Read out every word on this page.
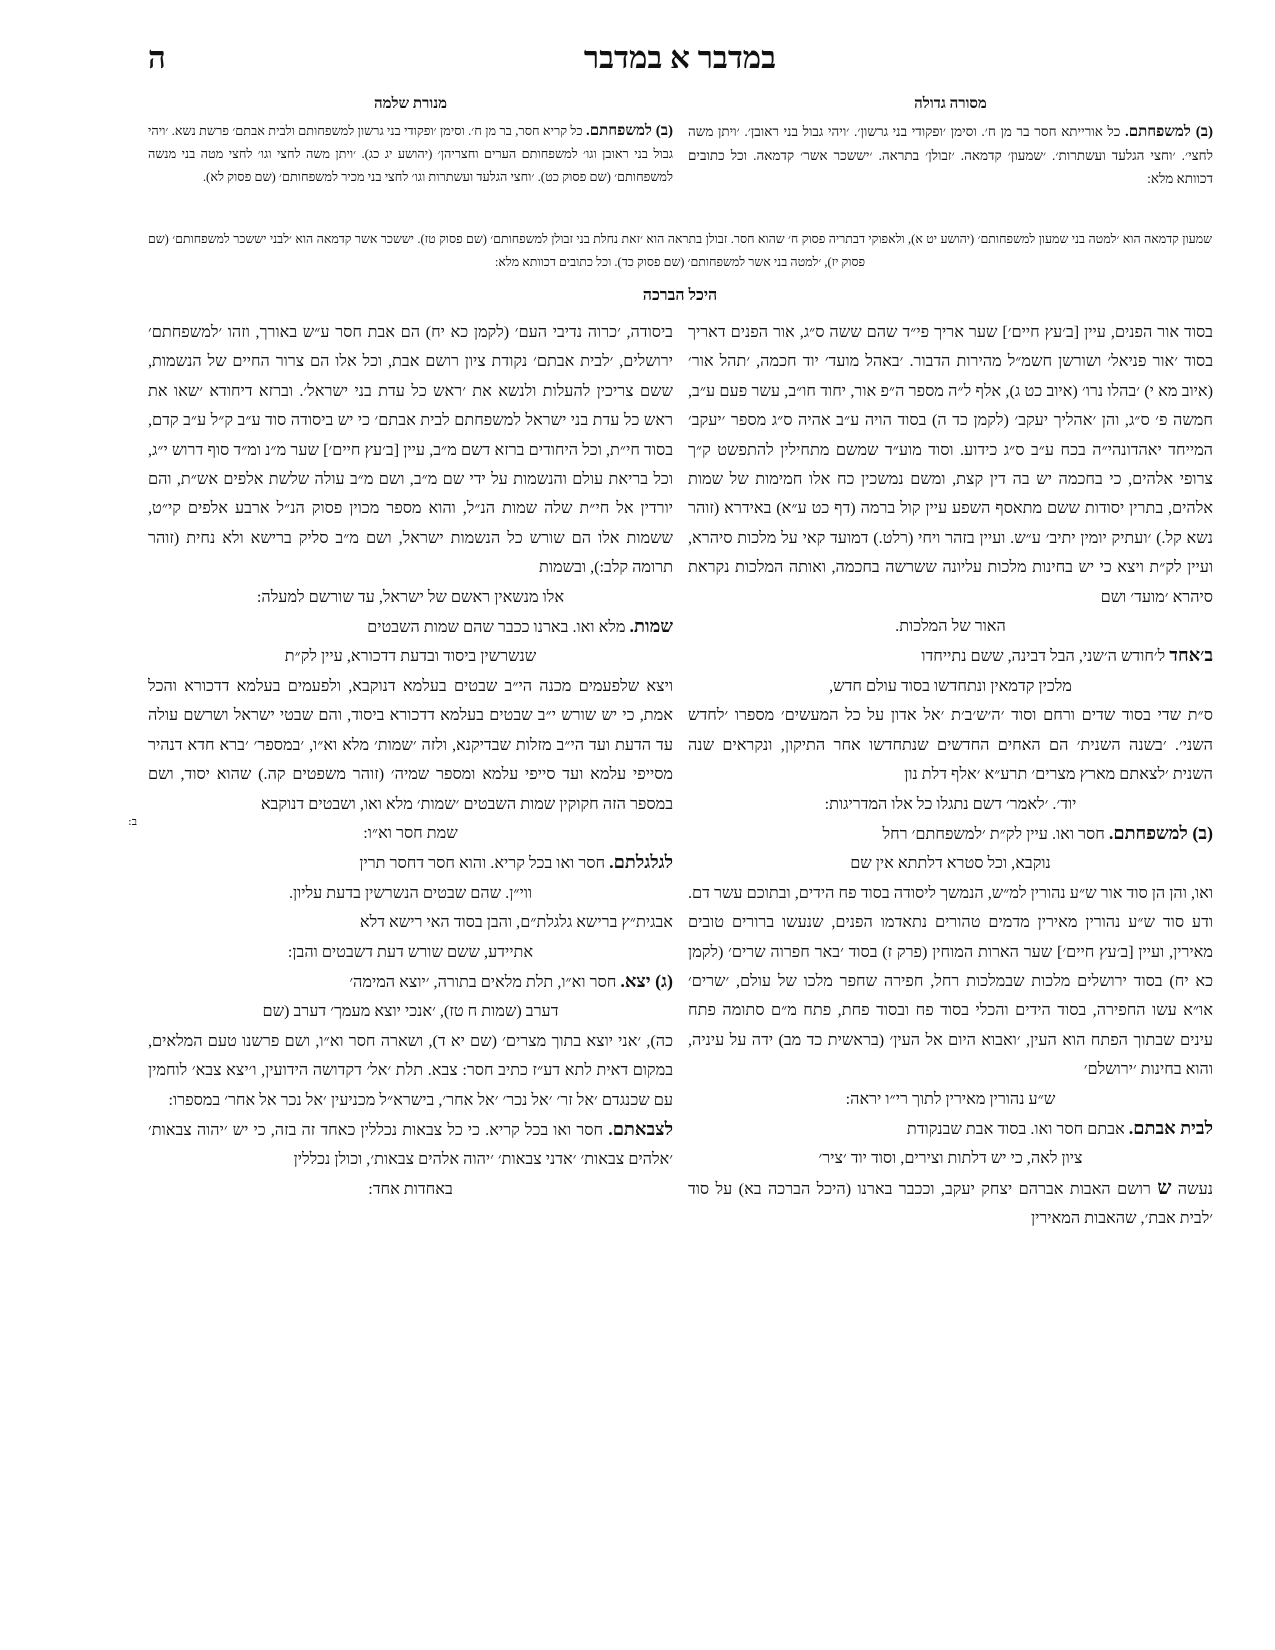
במדבר א במדבר
ה
מסורה גדולה
מנורת שלמה
(ב) למשפחתם. כל אורייתא חסר בר מן ח׳. וסימן ׳ופקודי בני גרשון׳. ׳ויהי גבול בני ראובן׳. ׳ויתן משה לחצי׳. ׳וחצי הגלעד ועשתרות׳. ׳שמעון׳ קדמאה. ׳זבולן׳ בתראה. ׳יששכר אשר׳ קדמאה. וכל כתובים דכוותא מלא:
(ב) למשפחתם. כל קריא חסר, בר מן ח׳. וסימן ׳ופקודי בני גרשון למשפחותם ולבית אבתם׳ פרשת נשא. ׳ויהי גבול בני ראובן וגו׳ למשפחותם הערים וחצריהן׳ (יהושע יג כג). ׳ויתן משה לחצי וגו׳ לחצי מטה בני מנשה למשפחותם׳ (שם פסוק כט). ׳וחצי הגלעד ועשתרות וגו׳ לחצי בני מכיר למשפחותם׳ (שם פסוק לא).
שמעון קדמאה הוא ׳למטה בני שמעון למשפחותם׳ (יהושע יט א), ולאפוקי דבתריה פסוק ח׳ שהוא חסר. זבולן בתראה הוא ׳זאת נחלת בני זבולן למשפחותם׳ (שם פסוק טז). יששכר אשר קדמאה הוא ׳לבני יששכר למשפחותם׳ (שם פסוק יז), ׳למטה בני אשר למשפחותם׳ (שם פסוק כד). וכל כתובים דכוותא מלא:
היכל הברכה

בסוד אור הפנים, עיין [ב׳עץ חיים׳] שער אריך פי״ד שהם ששה ס״ג, אור הפנים דאריך בסוד ׳אור פניאל׳ ושורשן חשמ״ל מהירות הדבור. ׳באהל מועד׳ יוד חכמה, ׳תהל אור׳ (איוב מא י) ׳בהלו נרו׳ (איוב כט ג), אלף ל״ה מספר ה״פ אור, יחוד חו״ב, עשר פעם ע״ב, חמשה פ׳ ס״ג, והן ׳אהליך יעקב׳ (לקמן כד ה) בסוד הויה ע״ב אהיה ס״ג מספר ׳יעקב׳ המייחד יאהדונהי״ה בכח ע״ב ס״ג כידוע. וסוד מוע״ד שמשם מתחילין להתפשט ק״ך צרופי אלהים, כי בחכמה יש בה דין קצת, ומשם נמשכין כח אלו חמימות של שמות אלהים, בתרין יסודות ששם מתאסף השפע עיין קול ברמה (דף כט ע״א) באידרא (זוהר נשא קל.) ׳ועתיק יומין יתיב׳ ע״ש. ועיין בזהר ויחי (רלט.) דמועד קאי על מלכות סיהרא, ועיין לק״ת ויצא כי יש בחינות מלכות עליונה ששרשה בחכמה, ואותה המלכות נקראת סיהרא ׳מועד׳ ושם

האור של המלכות.

ב׳אחד ל׳חודש ה׳שני, הבל דבינה, ששם נתייחדו

מלכין קדמאין ונתחדשו בסוד עולם חדש,

ס״ת שדי בסוד שדים ורחם וסוד ׳ה׳ש׳ב׳ת ׳אל אדון על כל המעשים׳ מספרו ׳לחדש השני׳. ׳בשנה השנית׳ הם האחים החדשים שנתחדשו אחר התיקון, ונקראים שנה השנית ׳לצאתם מארץ מצרים׳ תרע״א ׳אלף דלת נון

יוד׳. ׳לאמר׳ דשם נתגלו כל אלו המדריגות:

(ב) למשפחתם. חסר ואו. עיין לק״ת ׳למשפחתם׳ רחל

נוקבא, וכל סטרא דלתתא אין שם

ואו, והן הן סוד אור ש״ע נהורין למ״ש, הנמשך ליסודה בסוד פח הידים, ובתוכם עשר דם. ודע סוד ש״ע נהורין מאירין מדמים טהורים נתאדמו הפנים, שנעשו ברורים טובים מאירין, ועיין [ב׳עץ חיים׳] שער הארות המוחין (פרק ז) בסוד ׳באר חפרוה שרים׳ (לקמן כא יח) בסוד ירושלים מלכות שבמלכות רחל, חפירה שחפר מלכו של עולם, ׳שרים׳ או״א עשו החפירה, בסוד הידים והכלי בסוד פח ובסוד פחת, פתח מ״ם סתומה פתח עינים שבתוך הפתח הוא העין, ׳ואבוא היום אל העין׳ (בראשית כד מב) ידה על עיניה, והוא בחינות ׳ירושלם׳

ש״ע נהורין מאירין לתוך רי״ו יראה:

לבית אבתם. אבתם חסר ואו. בסוד אבת שבנקודת

ציון לאה, כי יש דלתות וצירים, וסוד יוד ׳ציר׳

נעשה ש רושם האבות אברהם יצחק יעקב, וככבר בארנו (היכל הברכה בא) על סוד ׳לבית אבת׳, שהאבות המאירין

ביסודה, ׳כרוה נדיבי העם׳ (לקמן כא יח) הם אבת חסר ע״ש באורך, וזהו ׳למשפחתם׳ ירושלים, ׳לבית אבתם׳ נקודת ציון רושם אבת, וכל אלו הם צרור החיים של הנשמות, ששם צריכין להעלות ולנשא את ׳ראש כל עדת בני ישראל׳. וברזא דיחודא ׳שאו את ראש כל עדת בני ישראל למשפחתם לבית אבתם׳ כי יש ביסודה סוד ע״ב ק״ל ע״ב קדם, בסוד חי״ת, וכל היחודים ברזא דשם מ״ב, עיין [ב׳עץ חיים׳] שער מ״נ ומ״ד סוף דרוש י״ג, וכל בריאת עולם והנשמות על ידי שם מ״ב, ושם מ״ב עולה שלשת אלפים אש״ת, והם יורדין אל חי״ת שלה שמות הנ״ל, והוא מספר מכוין פסוק הנ״ל ארבע אלפים קי״ט, ששמות אלו הם שורש כל הנשמות ישראל, ושם מ״ב סליק ברישא ולא נחית (זוהר תרומה קלב:), ובשמות

אלו מנשאין ראשם של ישראל, עד שורשם למעלה:

שמות. מלא ואו. בארנו ככבר שהם שמות השבטים

שנשרשין ביסוד ובדעת דדכורא, עיין לק״ת

ויצא שלפעמים מכנה הי״ב שבטים בעלמא דנוקבא, ולפעמים בעלמא דדכורא והכל אמת, כי יש שורש י״ב שבטים בעלמא דדכורא ביסוד, והם שבטי ישראל ושרשם עולה עד הדעת ועד הי״ב מזלות שבדיקנא, ולזה ׳שמות׳ מלא וא״ו, ׳במספר׳ ׳ברא חדא דנהיר מסייפי עלמא ועד סייפי עלמא ומספר שמיה׳ (זוהר משפטים קה.) שהוא יסוד, ושם במספר הזה חקוקין שמות השבטים ׳שמות׳ מלא ואו, ושבטים דנוקבא

שמת חסר וא״ו:

לגלגלתם. חסר ואו בכל קריא. והוא חסר דחסר תרין

ווי״ן. שהם שבטים הנשרשין בדעת עליון.

אבגית״ץ ברישא גלגלת״ם, והבן בסוד האי רישא דלא

אתיידע, ששם שורש דעת דשבטים והבן:

(ג) יצא. חסר וא״ו, תלת מלאים בתורה, ׳יוצא המימה׳

דערב (שמות ח טז), ׳אנכי יוצא מעמך׳ דערב (שם

כה), ׳אני יוצא בתוך מצרים׳ (שם יא ד), ושארה חסר וא״ו, ושם פרשנו טעם המלאים, במקום דאית לתא דע״ז כתיב חסר: צבא. תלת ׳אל׳ דקדושה הידועין, ו׳יצא צבא׳ לוחמין עם שכנגדם ׳אל זר׳ ׳אל נכר׳ ׳אל אחר׳, בישרא״ל מכניעין ׳אל נכר אל אחר׳ במספרו:

לצבאתם. חסר ואו בכל קריא. כי כל צבאות נכללין כאחד זה בזה, כי יש ׳יהוה צבאות׳ ׳אלהים צבאות׳ ׳אדני צבאות׳ ׳יהוה אלהים צבאות׳, וכולן נכללין

באחדות אחד:

ב:
